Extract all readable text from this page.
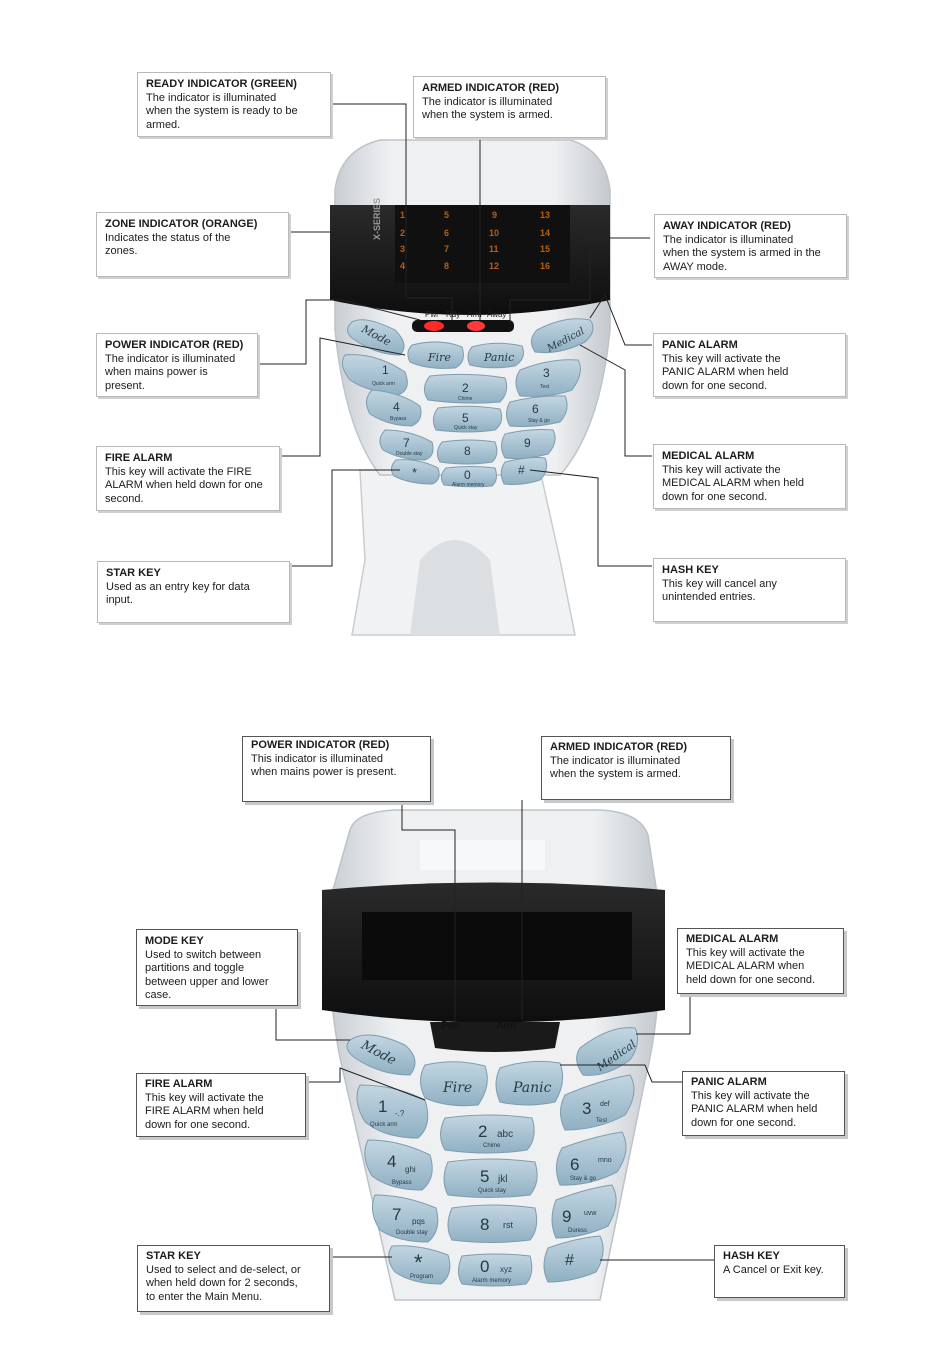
X-SERIES 1
2
3
4
5
6
7
8
9
10
11
12
13
14
15
16
Pwr Rdy Arm Away
Mode
Fire	Panic
Medical
1
Quick arm	2
Chime
3
Test
4
Bypass	5
Quick stay
6
Stay & go
7
Double stay	8
9
*	0
Alarm memory
#
Pwr	Arm
Mode
Fire	Panic
Medical
1 -.?
Quick arm	2 abc
Chime
3 def
Test
4 ghi
Bypass	5 jkl
Quick stay
6	mno
Stay & go
7 pqs
Double stay	8 rst	9 uvw
Duress
*
Program
0 xyz
Alarm memory
#
READY INDICATOR (GREEN)
The indicator is illuminated
when the system is ready to be
armed.
ARMED INDICATOR (RED)
The indicator is illuminated
when the system is armed.
ZONE INDICATOR (ORANGE)
Indicates the status of the
zones.
AWAY INDICATOR (RED)
The indicator is illuminated
when the system is armed in the
AWAY mode.
POWER INDICATOR (RED)
The indicator is illuminated
when mains power is present.
PANIC ALARM
This key will activate the
PANIC ALARM when held
down for one second.
FIRE ALARM
This key will activate the FIRE
ALARM when held down for one
second.
MEDICAL ALARM
This key will activate the
MEDICAL ALARM when held
down for one second.
STAR KEY
Used as an entry key for data
input.
HASH KEY
This key will cancel any
unintended entries.
POWER INDICATOR (RED)
This indicator is illuminated
when mains power is present.
ARMED INDICATOR (RED)
The indicator is illuminated
when the system is armed.
MODE KEY
Used to switch between
partitions and toggle
between upper and lower
case.
MEDICAL ALARM
This key will activate the
MEDICAL ALARM when
held down for one second.
FIRE ALARM
This key will activate the
FIRE ALARM when held
down for one second.
PANIC ALARM
This key will activate the
PANIC ALARM when held
down for one second.
STAR KEY
Used to select and de-select, or
when held down for 2 seconds,
to enter the Main Menu.
HASH KEY
A Cancel or Exit key.
